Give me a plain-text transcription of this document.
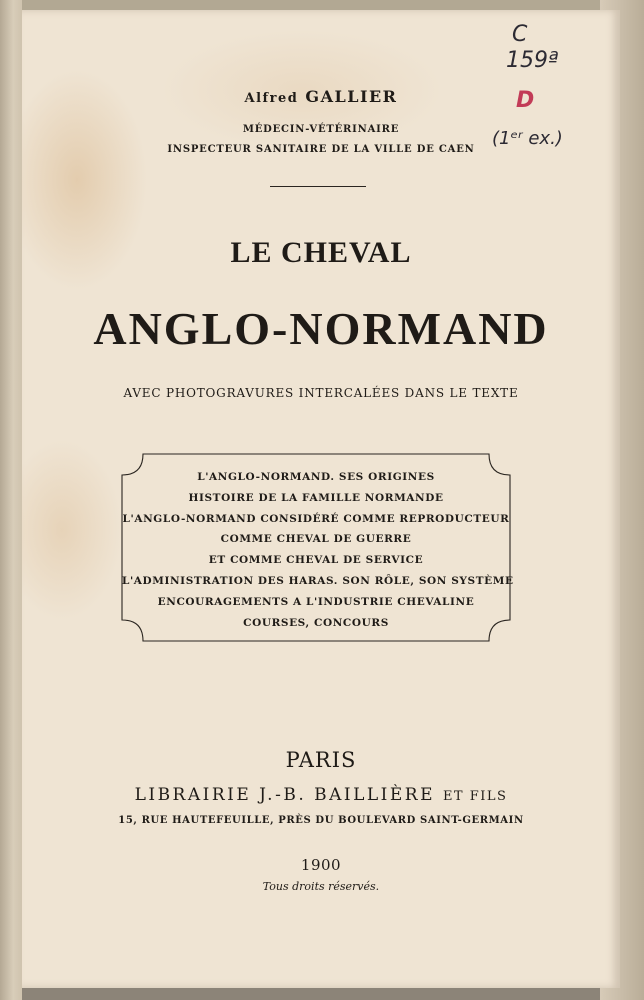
Alfred GALLIER
MÉDECIN-VÉTÉRINAIRE
INSPECTEUR SANITAIRE DE LA VILLE DE CAEN
LE CHEVAL
ANGLO-NORMAND
AVEC PHOTOGRAVURES INTERCALÉES DANS LE TEXTE
L'ANGLO-NORMAND. SES ORIGINES
HISTOIRE DE LA FAMILLE NORMANDE
L'ANGLO-NORMAND CONSIDÉRÉ COMME REPRODUCTEUR
COMME CHEVAL DE GUERRE
ET COMME CHEVAL DE SERVICE
L'ADMINISTRATION DES HARAS. SON RÔLE, SON SYSTÈME
ENCOURAGEMENTS A L'INDUSTRIE CHEVALINE
COURSES, CONCOURS
PARIS
LIBRAIRIE J.-B. BAILLIÈRE ET FILS
15, RUE HAUTEFEUILLE, PRÈS DU BOULEVARD SAINT-GERMAIN
1900
Tous droits réservés.
C
159ª
D
(1ᵉʳ ex.)
